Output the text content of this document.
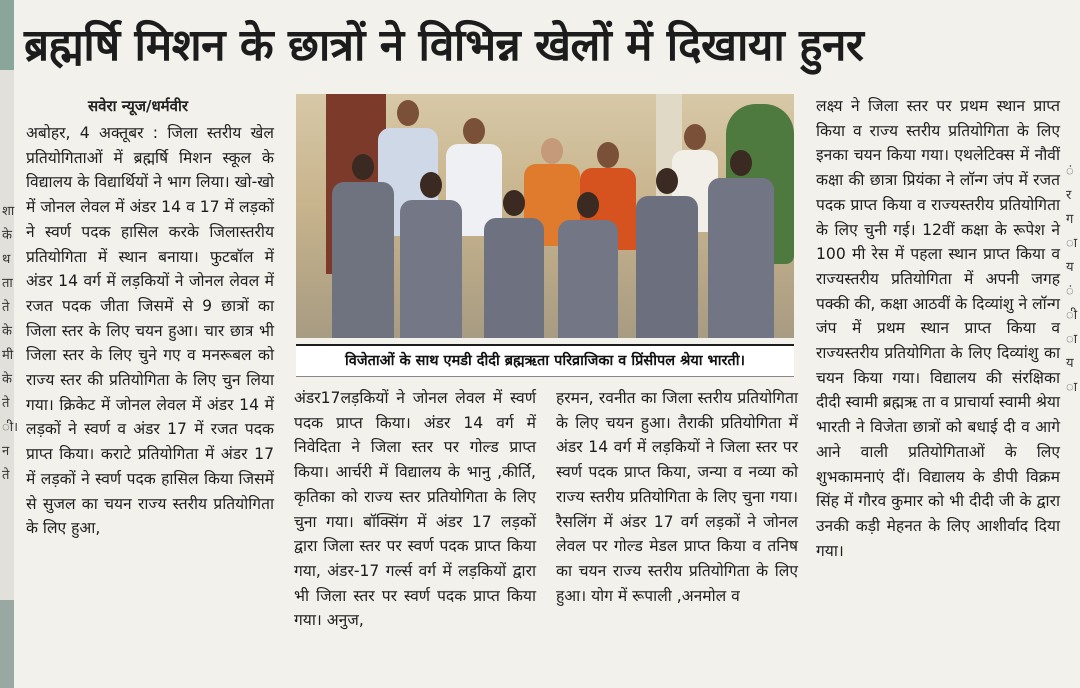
शा
के
थ
ता
ते
के
मी
के
ते
ी।
न
ते
ं
र
ग
ा
य
ं
ी
ा
य
ा
ब्रह्मर्षि मिशन के छात्रों ने विभिन्न खेलों में दिखाया हुनर
सवेरा न्यूज/धर्मवीर

अबोहर, 4 अक्तूबर : जिला स्तरीय खेल प्रतियोगिताओं में ब्रह्मर्षि मिशन स्कूल के विद्यालय के विद्यार्थियों ने भाग लिया। खो-खो में जोनल लेवल में अंडर 14 व 17 में लड़कों ने स्वर्ण पदक हासिल करके जिलास्तरीय प्रतियोगिता में स्थान बनाया। फुटबॉल में अंडर 14 वर्ग में लड़कियों ने जोनल लेवल में रजत पदक जीता जिसमें से 9 छात्रों का जिला स्तर के लिए चयन हुआ। चार छात्र भी जिला स्तर के लिए चुने गए व मनरूबल को राज्य स्तर की प्रतियोगिता के लिए चुन लिया गया। क्रिकेट में जोनल लेवल में अंडर 14 में लड़कों ने स्वर्ण व अंडर 17 में रजत पदक प्राप्त किया। कराटे प्रतियोगिता में अंडर 17 में लड़कों ने स्वर्ण पदक हासिल किया जिसमें से सुजल का चयन राज्य स्तरीय प्रतियोगिता के लिए हुआ,

विजेताओं के साथ एमडी दीदी ब्रह्मऋता परिव्राजिका व प्रिंसीपल श्रेया भारती।

अंडर17लड़कियों ने जोनल लेवल में स्वर्ण पदक प्राप्त किया। अंडर 14 वर्ग में निवेदिता ने जिला स्तर पर गोल्ड प्राप्त किया। आर्चरी में विद्यालय के भानु ,कीर्ति, कृतिका को राज्य स्तर प्रतियोगिता के लिए चुना गया। बॉक्सिंग में अंडर 17 लड़कों द्वारा जिला स्तर पर स्वर्ण पदक प्राप्त किया गया, अंडर-17 गर्ल्स वर्ग में लड़कियों द्वारा भी जिला स्तर पर स्वर्ण पदक प्राप्त किया गया। अनुज,

हरमन, रवनीत का जिला स्तरीय प्रतियोगिता के लिए चयन हुआ। तैराकी प्रतियोगिता में अंडर 14 वर्ग में लड़कियों ने जिला स्तर पर स्वर्ण पदक प्राप्त किया, जन्या व नव्या को राज्य स्तरीय प्रतियोगिता के लिए चुना गया। रैसलिंग में अंडर 17 वर्ग लड़कों ने जोनल लेवल पर गोल्ड मेडल प्राप्त किया व तनिष का चयन राज्य स्तरीय प्रतियोगिता के लिए हुआ। योग में रूपाली ,अनमोल व

लक्ष्य ने जिला स्तर पर प्रथम स्थान प्राप्त किया व राज्य स्तरीय प्रतियोगिता के लिए इनका चयन किया गया। एथलेटिक्स में नौवीं कक्षा की छात्रा प्रियंका ने लॉन्ग जंप में रजत पदक प्राप्त किया व राज्यस्तरीय प्रतियोगिता के लिए चुनी गई। 12वीं कक्षा के रूपेश ने 100 मी रेस में पहला स्थान प्राप्त किया व राज्यस्तरीय प्रतियोगिता में अपनी जगह पक्की की, कक्षा आठवीं के दिव्यांशु ने लॉन्ग जंप में प्रथम स्थान प्राप्त किया व राज्यस्तरीय प्रतियोगिता के लिए दिव्यांशु का चयन किया गया। विद्यालय की संरक्षिका दीदी स्वामी ब्रह्मऋ ता व प्राचार्या स्वामी श्रेया भारती ने विजेता छात्रों को बधाई दी व आगे आने वाली प्रतियोगिताओं के लिए शुभकामनाएं दीं। विद्यालय के डीपी विक्रम सिंह में गौरव कुमार को भी दीदी जी के द्वारा उनकी कड़ी मेहनत के लिए आशीर्वाद दिया गया।
